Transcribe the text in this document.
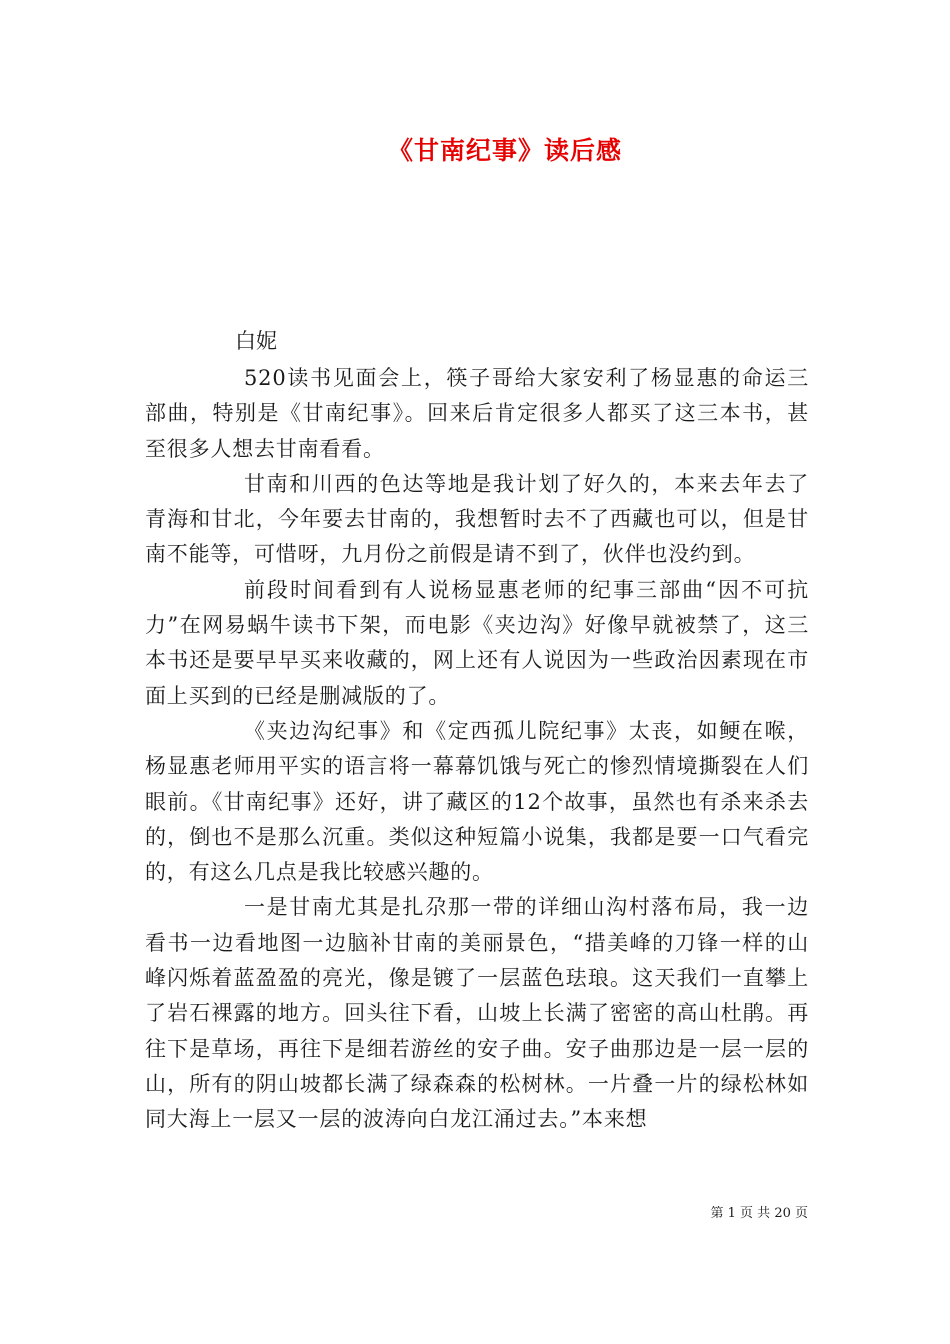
《甘南纪事》读后感
白妮

520读书见面会上，筷子哥给大家安利了杨显惠的命运三部曲，特别是《甘南纪事》。回来后肯定很多人都买了这三本书，甚至很多人想去甘南看看。

甘南和川西的色达等地是我计划了好久的，本来去年去了青海和甘北，今年要去甘南的，我想暂时去不了西藏也可以，但是甘南不能等，可惜呀，九月份之前假是请不到了，伙伴也没约到。

前段时间看到有人说杨显惠老师的纪事三部曲“因不可抗力”在网易蜗牛读书下架，而电影《夹边沟》好像早就被禁了，这三本书还是要早早买来收藏的，网上还有人说因为一些政治因素现在市面上买到的已经是删减版的了。

《夹边沟纪事》和《定西孤儿院纪事》太丧，如鲠在喉，杨显惠老师用平实的语言将一幕幕饥饿与死亡的惨烈情境撕裂在人们眼前。《甘南纪事》还好，讲了藏区的12个故事，虽然也有杀来杀去的，倒也不是那么沉重。类似这种短篇小说集，我都是要一口气看完的，有这么几点是我比较感兴趣的。

一是甘南尤其是扎尕那一带的详细山沟村落布局，我一边看书一边看地图一边脑补甘南的美丽景色，“措美峰的刀锋一样的山峰闪烁着蓝盈盈的亮光，像是镀了一层蓝色珐琅。这天我们一直攀上了岩石裸露的地方。回头往下看，山坡上长满了密密的高山杜鹃。再往下是草场，再往下是细若游丝的安子曲。安子曲那边是一层一层的山，所有的阴山坡都长满了绿森森的松树林。一片叠一片的绿松林如同大海上一层又一层的波涛向白龙江涌过去。”本来想

第 1 页 共 20 页
